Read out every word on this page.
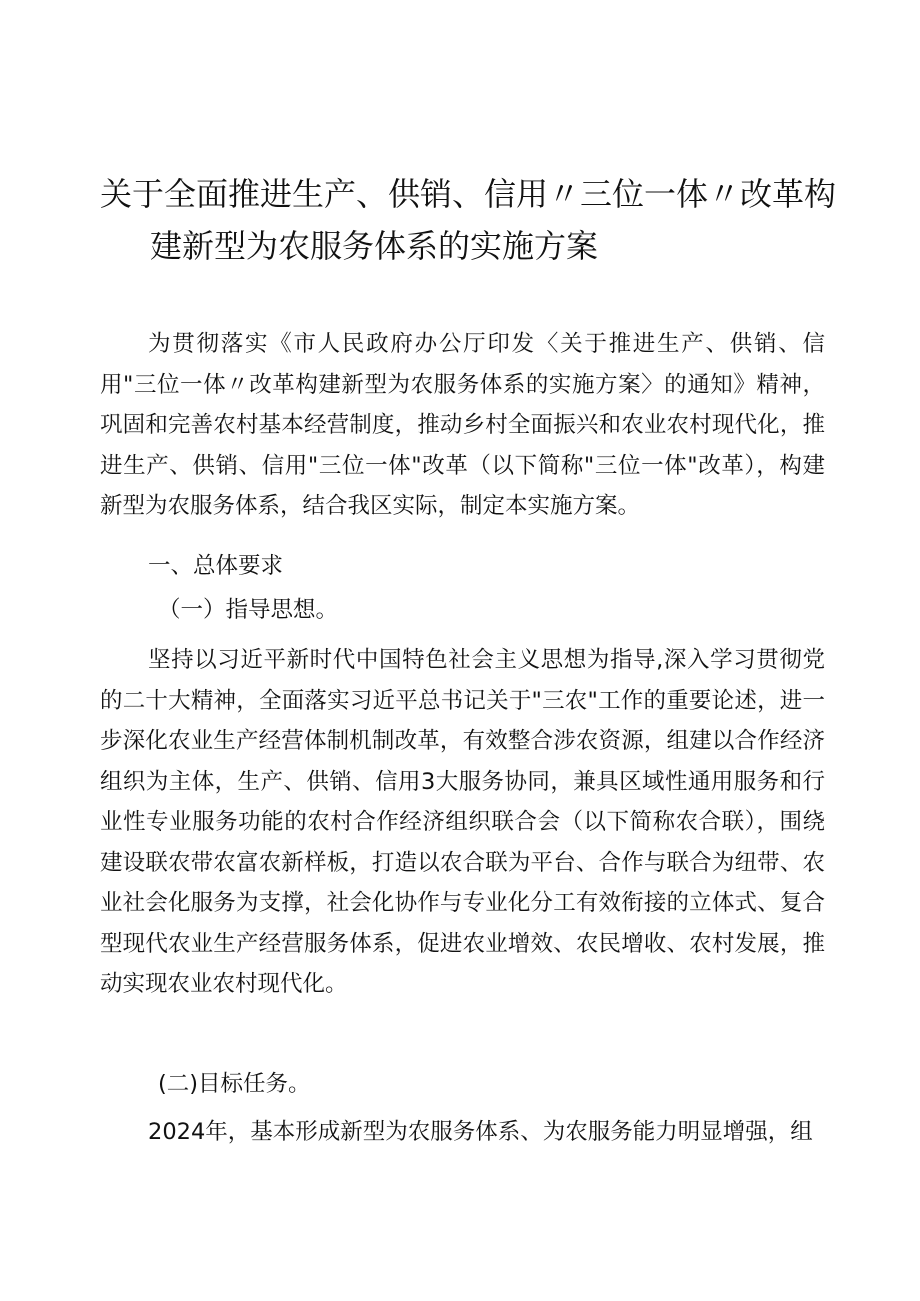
关于全面推进生产、供销、信用〃三位一体〃改革构
建新型为农服务体系的实施方案

为贯彻落实《市人民政府办公厅印发〈关于推进生产、供销、信用"三位一体〃改革构建新型为农服务体系的实施方案〉的通知》精神，巩固和完善农村基本经营制度，推动乡村全面振兴和农业农村现代化，推进生产、供销、信用"三位一体"改革（以下简称"三位一体"改革），构建新型为农服务体系，结合我区实际，制定本实施方案。

一、总体要求

（一）指导思想。

坚持以习近平新时代中国特色社会主义思想为指导,深入学习贯彻党的二十大精神，全面落实习近平总书记关于"三农"工作的重要论述，进一步深化农业生产经营体制机制改革，有效整合涉农资源，组建以合作经济组织为主体，生产、供销、信用3大服务协同，兼具区域性通用服务和行业性专业服务功能的农村合作经济组织联合会（以下简称农合联），围绕建设联农带农富农新样板，打造以农合联为平台、合作与联合为纽带、农业社会化服务为支撑，社会化协作与专业化分工有效衔接的立体式、复合型现代农业生产经营服务体系，促进农业增效、农民增收、农村发展，推动实现农业农村现代化。

(二)目标任务。

2024年，基本形成新型为农服务体系、为农服务能力明显增强，组
